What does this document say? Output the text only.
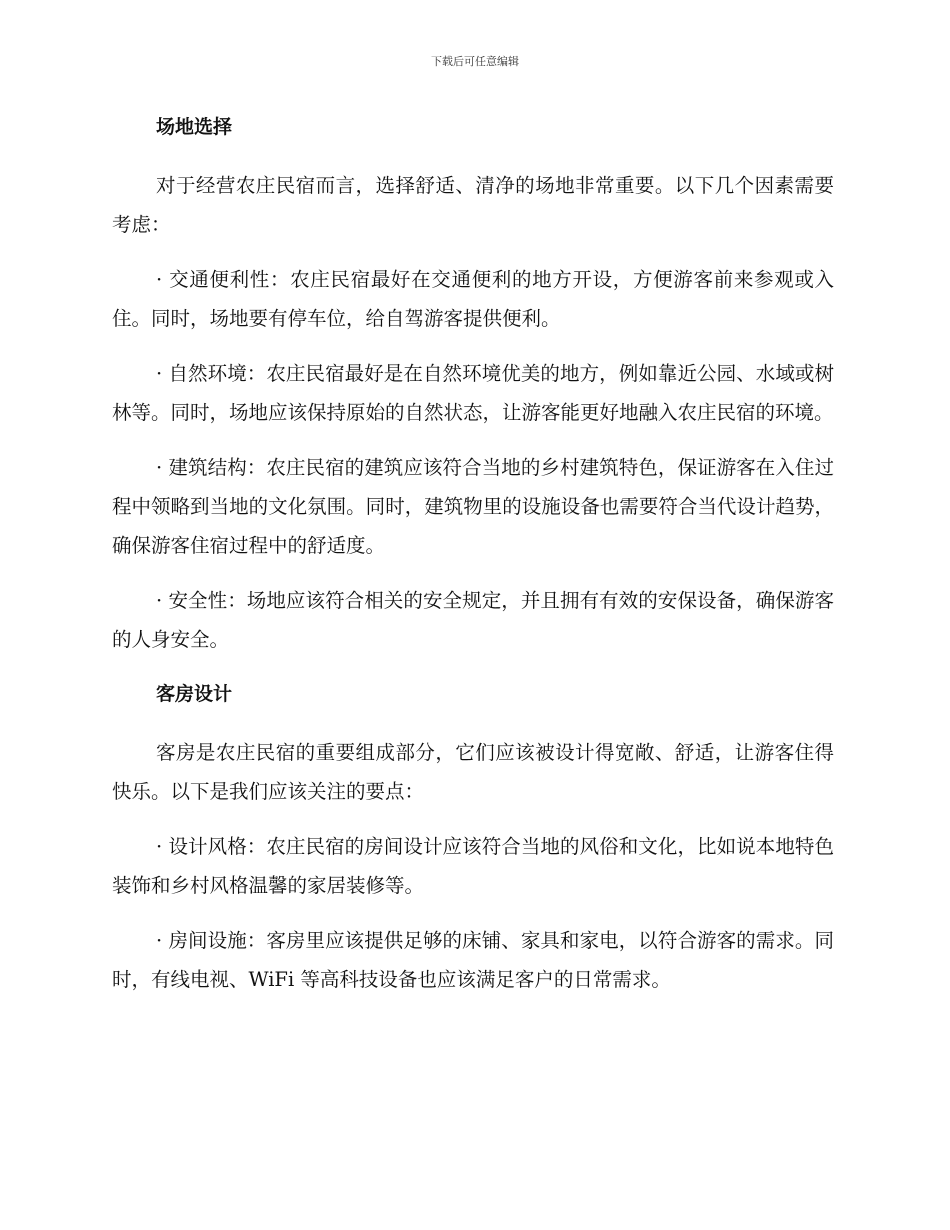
下载后可任意编辑
场地选择

对于经营农庄民宿而言，选择舒适、清净的场地非常重要。以下几个因素需要考虑：

· 交通便利性：农庄民宿最好在交通便利的地方开设，方便游客前来参观或入住。同时，场地要有停车位，给自驾游客提供便利。

· 自然环境：农庄民宿最好是在自然环境优美的地方，例如靠近公园、水域或树林等。同时，场地应该保持原始的自然状态，让游客能更好地融入农庄民宿的环境。

· 建筑结构：农庄民宿的建筑应该符合当地的乡村建筑特色，保证游客在入住过程中领略到当地的文化氛围。同时，建筑物里的设施设备也需要符合当代设计趋势，确保游客住宿过程中的舒适度。

· 安全性：场地应该符合相关的安全规定，并且拥有有效的安保设备，确保游客的人身安全。

客房设计

客房是农庄民宿的重要组成部分，它们应该被设计得宽敞、舒适，让游客住得快乐。以下是我们应该关注的要点：

· 设计风格：农庄民宿的房间设计应该符合当地的风俗和文化，比如说本地特色装饰和乡村风格温馨的家居装修等。

· 房间设施：客房里应该提供足够的床铺、家具和家电，以符合游客的需求。同时，有线电视、WiFi 等高科技设备也应该满足客户的日常需求。
